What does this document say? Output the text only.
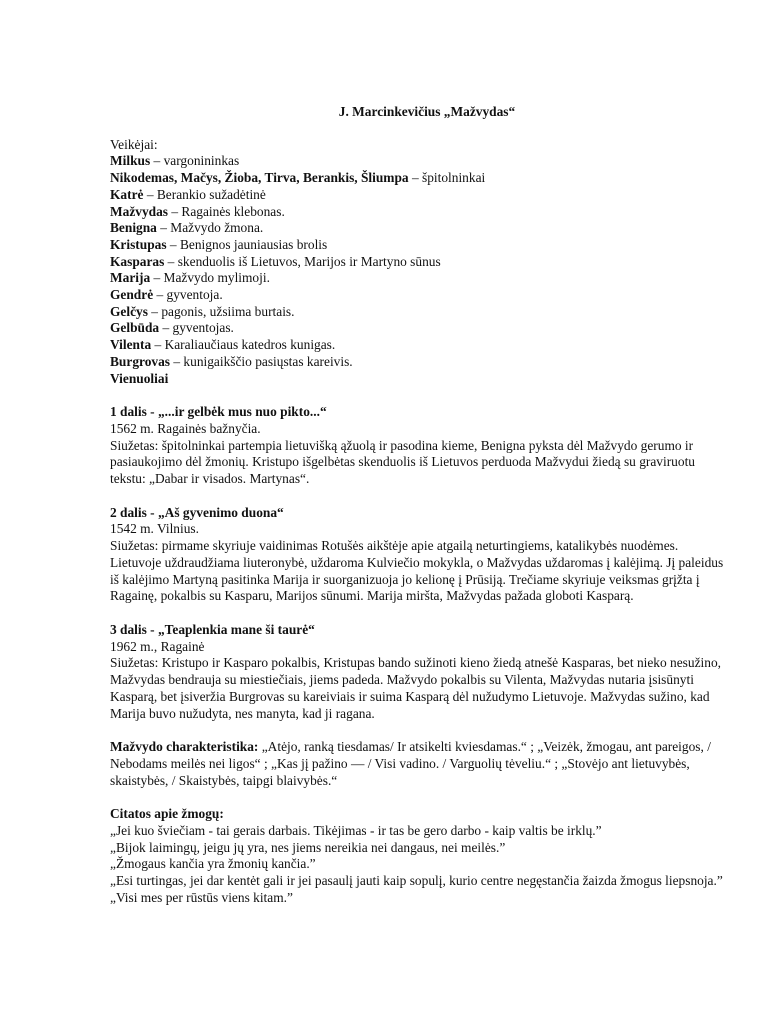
J. Marcinkevičius „Mažvydas“
Veikėjai:
Milkus – vargonininkas
Nikodemas, Mačys, Žioba, Tirva, Berankis, Šliumpa – špitolninkai
Katrė – Berankio sužadėtinė
Mažvydas – Ragainės klebonas.
Benigna – Mažvydo žmona.
Kristupas – Benignos jauniausias brolis
Kasparas – skenduolis iš Lietuvos, Marijos ir Martyno sūnus
Marija – Mažvydo mylimoji.
Gendrė – gyventoja.
Gelčys – pagonis, užsiima burtais.
Gelbūda – gyventojas.
Vilenta – Karaliaučiaus katedros kunigas.
Burgrovas – kunigaikščio pasiųstas kareivis.
Vienuoliai
1 dalis - „...ir gelbėk mus nuo pikto...“
1562 m. Ragainės bažnyčia.
Siužetas: špitolninkai partempia lietuvišką ąžuolą ir pasodina kieme, Benigna pyksta dėl Mažvydo gerumo ir pasiaukojimo dėl žmonių. Kristupo išgelbėtas skenduolis iš Lietuvos perduoda Mažvydui žiedą su graviruotu tekstu: „Dabar ir visados. Martynas“.
2 dalis - „Aš gyvenimo duona“
1542 m. Vilnius.
Siužetas: pirmame skyriuje vaidinimas Rotušės aikštėje apie atgailą neturtingiems, katalikybės nuodėmes. Lietuvoje uždraudžiama liuteronybė, uždaroma Kulviečio mokykla, o Mažvydas uždaromas į kalėjimą. Jį paleidus iš kalėjimo Martyną pasitinka Marija ir suorganizuoja jo kelionę į Prūsiją. Trečiame skyriuje veiksmas grįžta į Ragainę, pokalbis su Kasparu, Marijos sūnumi. Marija miršta, Mažvydas pažada globoti Kasparą.
3 dalis - „Teaplenkia mane ši taurė“
1962 m., Ragainė
Siužetas: Kristupo ir Kasparo pokalbis, Kristupas bando sužinoti kieno žiedą atnešė Kasparas, bet nieko nesužino, Mažvydas bendrauja su miestiečiais, jiems padeda. Mažvydo pokalbis su Vilenta, Mažvydas nutaria įsisūnyti Kasparą, bet įsiveržia Burgrovas su kareiviais ir suima Kasparą dėl nužudymo Lietuvoje. Mažvydas sužino, kad Marija buvo nužudyta, nes manyta, kad ji ragana.
Mažvydo charakteristika: „Atėjo, ranką tiesdamas/ Ir atsikelti kviesdamas.“ ; „Veizėk, žmogau, ant pareigos, / Nebodams meilės nei ligos“ ; „Kas jį pažino — / Visi vadino. / Varguolių tėveliu.“ ; „Stovėjo ant lietuvybės, skaistybės, / Skaistybės, taipgi blaivybės.“
Citatos apie žmogų:
„Jei kuo šviečiam - tai gerais darbais. Tikėjimas - ir tas be gero darbo - kaip valtis be irklų.”
„Bijok laimingų, jeigu jų yra, nes jiems nereikia nei dangaus, nei meilės.”
„Žmogaus kančia yra žmonių kančia.”
„Esi turtingas, jei dar kentėt gali ir jei pasaulį jauti kaip sopulį, kurio centre negęstančia žaizda žmogus liepsnoja.”
„Visi mes per rūstūs viens kitam.”
